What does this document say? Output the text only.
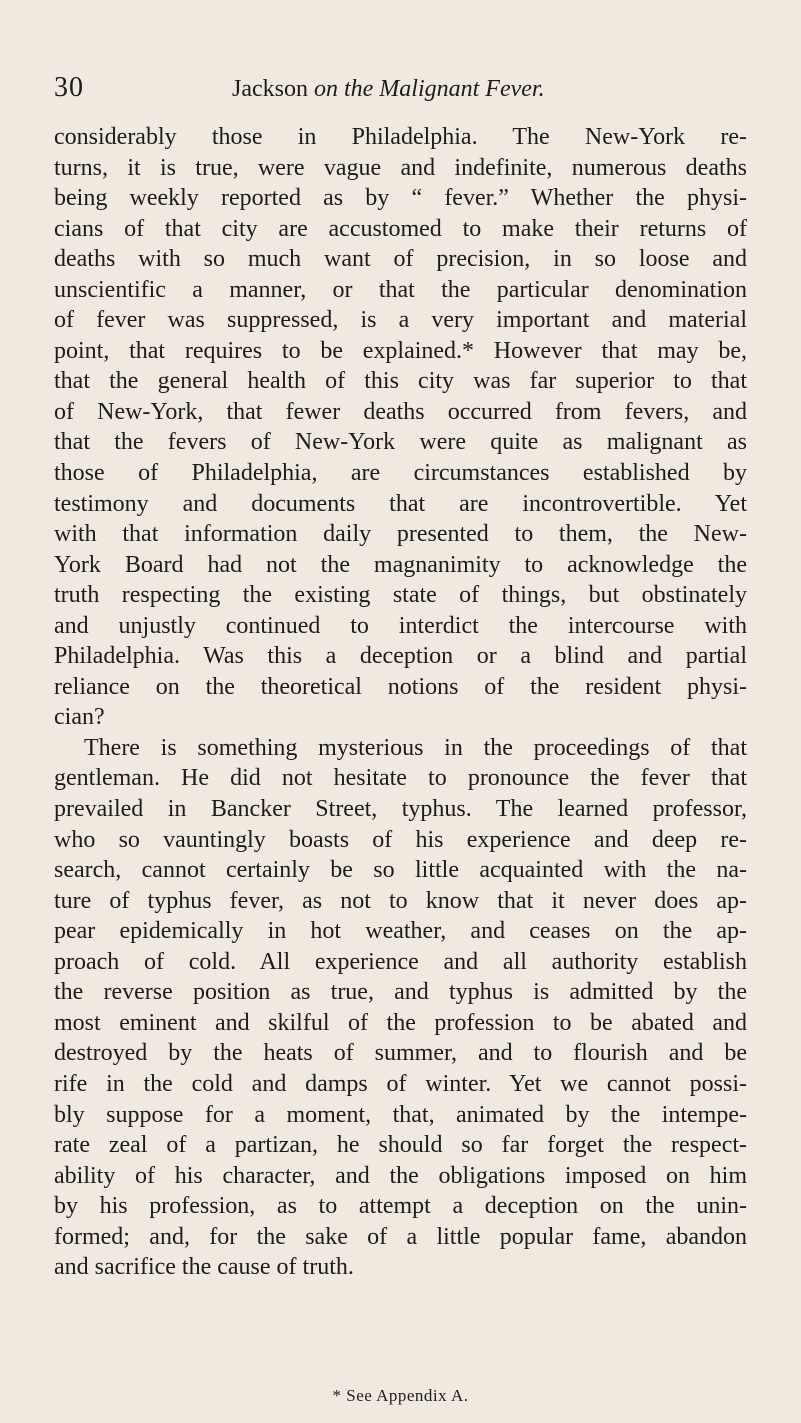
30	Jackson on the Malignant Fever.
considerably those in Philadelphia. The New-York re-
turns, it is true, were vague and indefinite, numerous deaths
being weekly reported as by “ fever.” Whether the physi-
cians of that city are accustomed to make their returns of
deaths with so much want of precision, in so loose and
unscientific a manner, or that the particular denomination
of fever was suppressed, is a very important and material
point, that requires to be explained.* However that may be,
that the general health of this city was far superior to that
of New-York, that fewer deaths occurred from fevers, and
that the fevers of New-York were quite as malignant as
those of Philadelphia, are circumstances established by
testimony and documents that are incontrovertible. Yet
with that information daily presented to them, the New-
York Board had not the magnanimity to acknowledge the
truth respecting the existing state of things, but obstinately
and unjustly continued to interdict the intercourse with
Philadelphia. Was this a deception or a blind and partial
reliance on the theoretical notions of the resident physi-
cian?
There is something mysterious in the proceedings of that
gentleman. He did not hesitate to pronounce the fever that
prevailed in Bancker Street, typhus. The learned professor,
who so vauntingly boasts of his experience and deep re-
search, cannot certainly be so little acquainted with the na-
ture of typhus fever, as not to know that it never does ap-
pear epidemically in hot weather, and ceases on the ap-
proach of cold. All experience and all authority establish
the reverse position as true, and typhus is admitted by the
most eminent and skilful of the profession to be abated and
destroyed by the heats of summer, and to flourish and be
rife in the cold and damps of winter. Yet we cannot possi-
bly suppose for a moment, that, animated by the intempe-
rate zeal of a partizan, he should so far forget the respect-
ability of his character, and the obligations imposed on him
by his profession, as to attempt a deception on the unin-
formed; and, for the sake of a little popular fame, abandon
and sacrifice the cause of truth.
* See Appendix A.
